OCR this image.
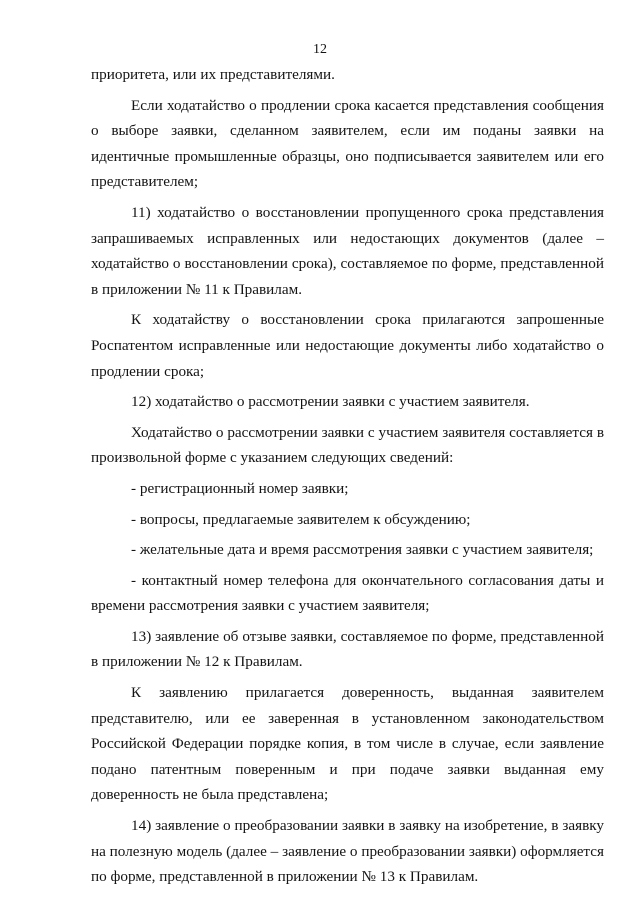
12

приоритета, или их представителями.

Если ходатайство о продлении срока касается представления сообщения о выборе заявки, сделанном заявителем, если им поданы заявки на идентичные промышленные образцы, оно подписывается заявителем или его представителем;

11) ходатайство о восстановлении пропущенного срока представления запрашиваемых исправленных или недостающих документов (далее – ходатайство о восстановлении срока), составляемое по форме, представленной в приложении № 11 к Правилам.

К ходатайству о восстановлении срока прилагаются запрошенные Роспатентом исправленные или недостающие документы либо ходатайство о продлении срока;

12) ходатайство о рассмотрении заявки с участием заявителя.

Ходатайство о рассмотрении заявки с участием заявителя составляется в произвольной форме с указанием следующих сведений:

- регистрационный номер заявки;

- вопросы, предлагаемые заявителем к обсуждению;

- желательные дата и время рассмотрения заявки с участием заявителя;

- контактный номер телефона для окончательного согласования даты и времени рассмотрения заявки с участием заявителя;

13) заявление об отзыве заявки, составляемое по форме, представленной в приложении № 12 к Правилам.

К заявлению прилагается доверенность, выданная заявителем представителю, или ее заверенная в установленном законодательством Российской Федерации порядке копия, в том числе в случае, если заявление подано патентным поверенным и при подаче заявки выданная ему доверенность не была представлена;

14) заявление о преобразовании заявки в заявку на изобретение, в заявку на полезную модель (далее – заявление о преобразовании заявки) оформляется по форме, представленной в приложении № 13 к Правилам.
